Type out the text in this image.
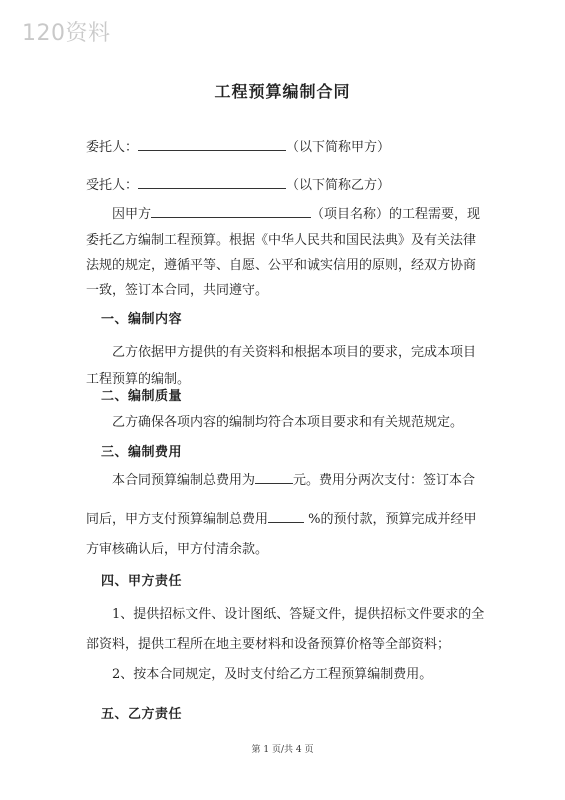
120资料
工程预算编制合同
委托人：	（以下简称甲方）
受托人：	（以下简称乙方）
因甲方	（项目名称）的工程需要，现
委托乙方编制工程预算。根据《中华人民共和国民法典》及有关法律
法规的规定，遵循平等、自愿、公平和诚实信用的原则，经双方协商
一致，签订本合同，共同遵守。
一、编制内容
乙方依据甲方提供的有关资料和根据本项目的要求，完成本项目
工程预算的编制。
二、编制质量
乙方确保各项内容的编制均符合本项目要求和有关规范规定。
三、编制费用
本合同预算编制总费用为	元。费用分两次支付：签订本合
同后，甲方支付预算编制总费用	%的预付款，预算完成并经甲
方审核确认后，甲方付清余款。
四、甲方责任
1、提供招标文件、设计图纸、答疑文件，提供招标文件要求的全
部资料，提供工程所在地主要材料和设备预算价格等全部资料；
2、按本合同规定，及时支付给乙方工程预算编制费用。
五、乙方责任
第 1 页/共 4 页
